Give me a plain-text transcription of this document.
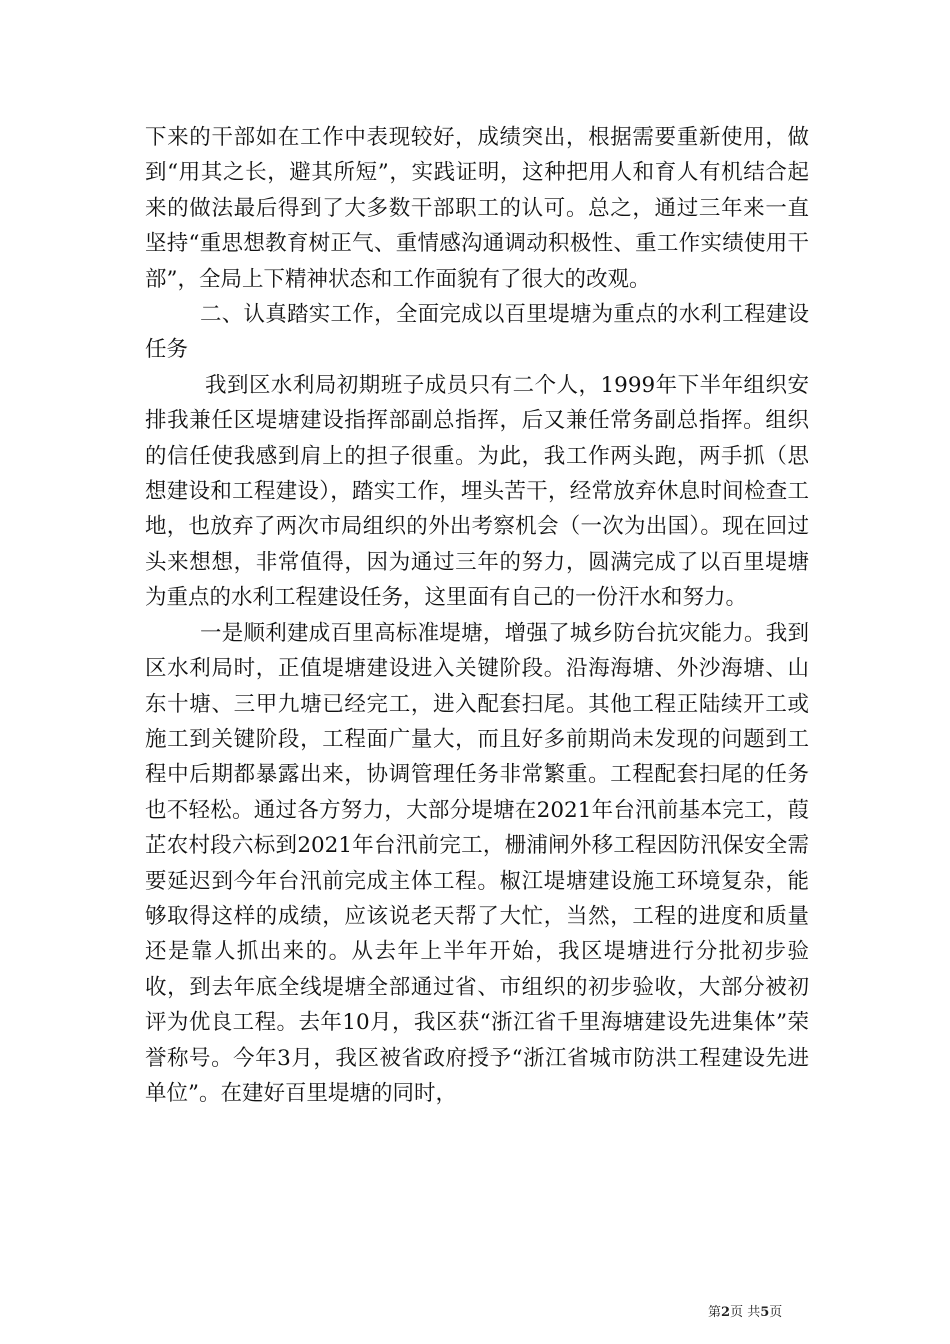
下来的干部如在工作中表现较好，成绩突出，根据需要重新使用，做到“用其之长，避其所短”，实践证明，这种把用人和育人有机结合起来的做法最后得到了大多数干部职工的认可。总之，通过三年来一直坚持“重思想教育树正气、重情感沟通调动积极性、重工作实绩使用干部”，全局上下精神状态和工作面貌有了很大的改观。

二、认真踏实工作，全面完成以百里堤塘为重点的水利工程建设任务

我到区水利局初期班子成员只有二个人，1999年下半年组织安排我兼任区堤塘建设指挥部副总指挥，后又兼任常务副总指挥。组织的信任使我感到肩上的担子很重。为此，我工作两头跑，两手抓（思想建设和工程建设），踏实工作，埋头苦干，经常放弃休息时间检查工地，也放弃了两次市局组织的外出考察机会（一次为出国）。现在回过头来想想，非常值得，因为通过三年的努力，圆满完成了以百里堤塘为重点的水利工程建设任务，这里面有自己的一份汗水和努力。

一是顺利建成百里高标准堤塘，增强了城乡防台抗灾能力。我到区水利局时，正值堤塘建设进入关键阶段。沿海海塘、外沙海塘、山东十塘、三甲九塘已经完工，进入配套扫尾。其他工程正陆续开工或施工到关键阶段，工程面广量大，而且好多前期尚未发现的问题到工程中后期都暴露出来，协调管理任务非常繁重。工程配套扫尾的任务也不轻松。通过各方努力，大部分堤塘在2021年台汛前基本完工，葭芷农村段六标到2021年台汛前完工，栅浦闸外移工程因防汛保安全需要延迟到今年台汛前完成主体工程。椒江堤塘建设施工环境复杂，能够取得这样的成绩，应该说老天帮了大忙，当然，工程的进度和质量还是靠人抓出来的。从去年上半年开始，我区堤塘进行分批初步验收，到去年底全线堤塘全部通过省、市组织的初步验收，大部分被初评为优良工程。去年10月，我区获“浙江省千里海塘建设先进集体”荣誉称号。今年3月，我区被省政府授予“浙江省城市防洪工程建设先进单位”。在建好百里堤塘的同时，

第2页 共5页
